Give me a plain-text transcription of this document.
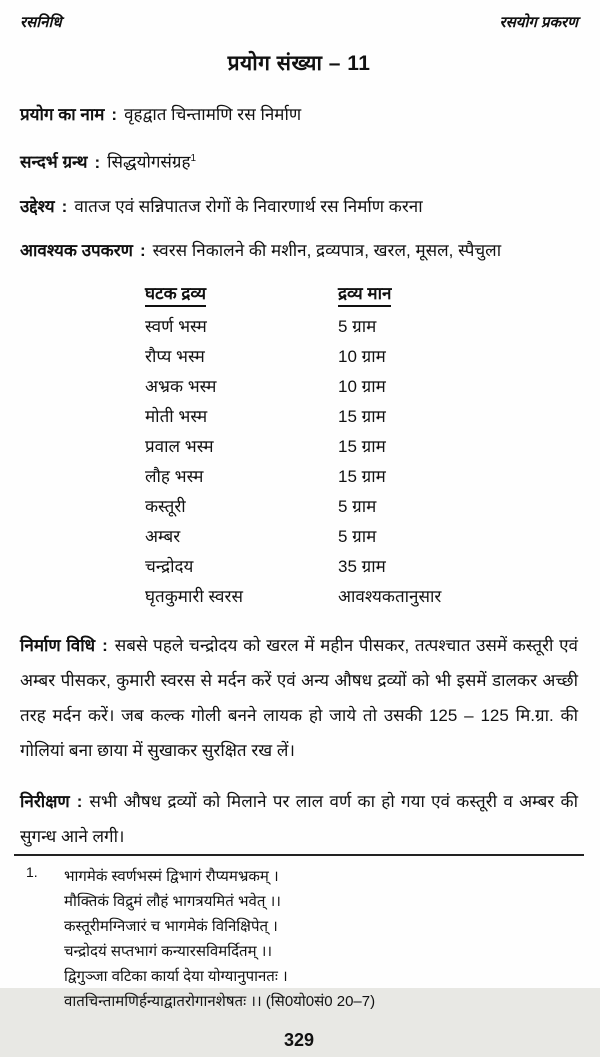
रसनिधि	रसयोग प्रकरण
प्रयोग संख्या – 11
प्रयोग का नाम : वृहद्वात चिन्तामणि रस निर्माण
सन्दर्भ ग्रन्थ : सिद्धयोगसंग्रह$^1$
उद्देश्य : वातज एवं सन्निपातज रोगों के निवारणार्थ रस निर्माण करना
आवश्यक उपकरण : स्वरस निकालने की मशीन, द्रव्यपात्र, खरल, मूसल, स्पैचुला
घटक द्रव्य	द्रव्य मान
स्वर्ण भस्म	5 ग्राम
रौप्य भस्म	10 ग्राम
अभ्रक भस्म	10 ग्राम
मोती भस्म	15 ग्राम
प्रवाल भस्म	15 ग्राम
लौह भस्म	15 ग्राम
कस्तूरी	5 ग्राम
अम्बर	5 ग्राम
चन्द्रोदय	35 ग्राम
घृतकुमारी स्वरस	आवश्यकतानुसार

निर्माण विधि : सबसे पहले चन्द्रोदय को खरल में महीन पीसकर, तत्पश्चात उसमें कस्तूरी एवं अम्बर पीसकर, कुमारी स्वरस से मर्दन करें एवं अन्य औषध द्रव्यों को भी इसमें डालकर अच्छी तरह मर्दन करें। जब कल्क गोली बनने लायक हो जाये तो उसकी 125 – 125 मि.ग्रा. की गोलियां बना छाया में सुखाकर सुरक्षित रख लें।

निरीक्षण : सभी औषध द्रव्यों को मिलाने पर लाल वर्ण का हो गया एवं कस्तूरी व अम्बर की सुगन्ध आने लगी।

1.	भागमेकं स्वर्णभस्मं द्विभागं रौप्यमभ्रकम् ।
मौक्तिकं विद्रुमं लौहं भागत्रयमितं भवेत् ।।
कस्तूरीमग्निजारं च भागमेकं विनिक्षिपेत् ।
चन्द्रोदयं सप्तभागं कन्यारसविमर्दितम् ।।
द्विगुञ्जा वटिका कार्या देया योग्यानुपानतः ।
वातचिन्तामणिर्हन्याद्वातरोगानशेषतः ।। (सि0यो0सं0 20–7)
329
